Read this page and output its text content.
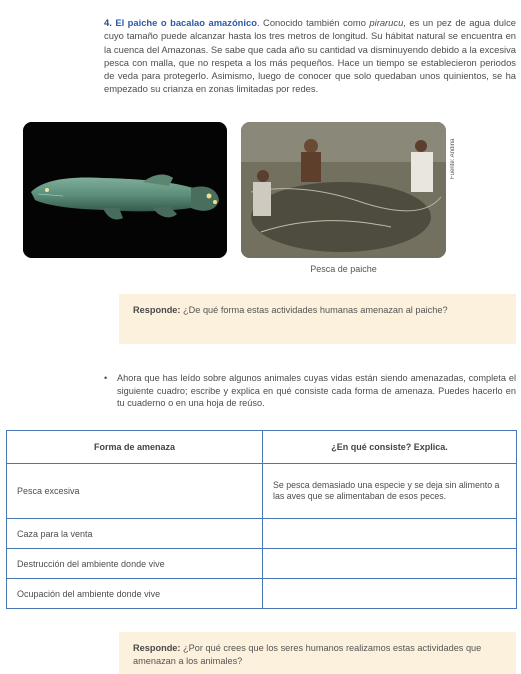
4. El paiche o bacalao amazónico. Conocido también como pirarucu, es un pez de agua dulce cuyo tamaño puede alcanzar hasta los tres metros de longitud. Su hábitat natural se encuentra en la cuenca del Amazonas. Se sabe que cada año su cantidad va disminuyendo debido a la excesiva pesca con malla, que no respeta a los más pequeños. Hace un tiempo se establecieron periodos de veda para protegerlo. Asimismo, luego de conocer que solo quedaban unos quinientos, se ha empezado su crianza en zonas limitadas por redes.

Fuente: Andina
Pesca de paiche
Responde: ¿De qué forma estas actividades humanas amenazan al paiche?
• Ahora que has leído sobre algunos animales cuyas vidas están siendo amenazadas, completa el siguiente cuadro; escribe y explica en qué consiste cada forma de amenaza. Puedes hacerlo en tu cuaderno o en una hoja de reúso.
Forma de amenaza	¿En qué consiste? Explica.
Pesca excesiva	Se pesca demasiado una especie y se deja sin alimento a las aves que se alimentaban de esos peces.

Caza para la venta	
Destrucción del ambiente donde vive	
Ocupación del ambiente donde vive	
Responde: ¿Por qué crees que los seres humanos realizamos estas actividades que amenazan a los animales?
